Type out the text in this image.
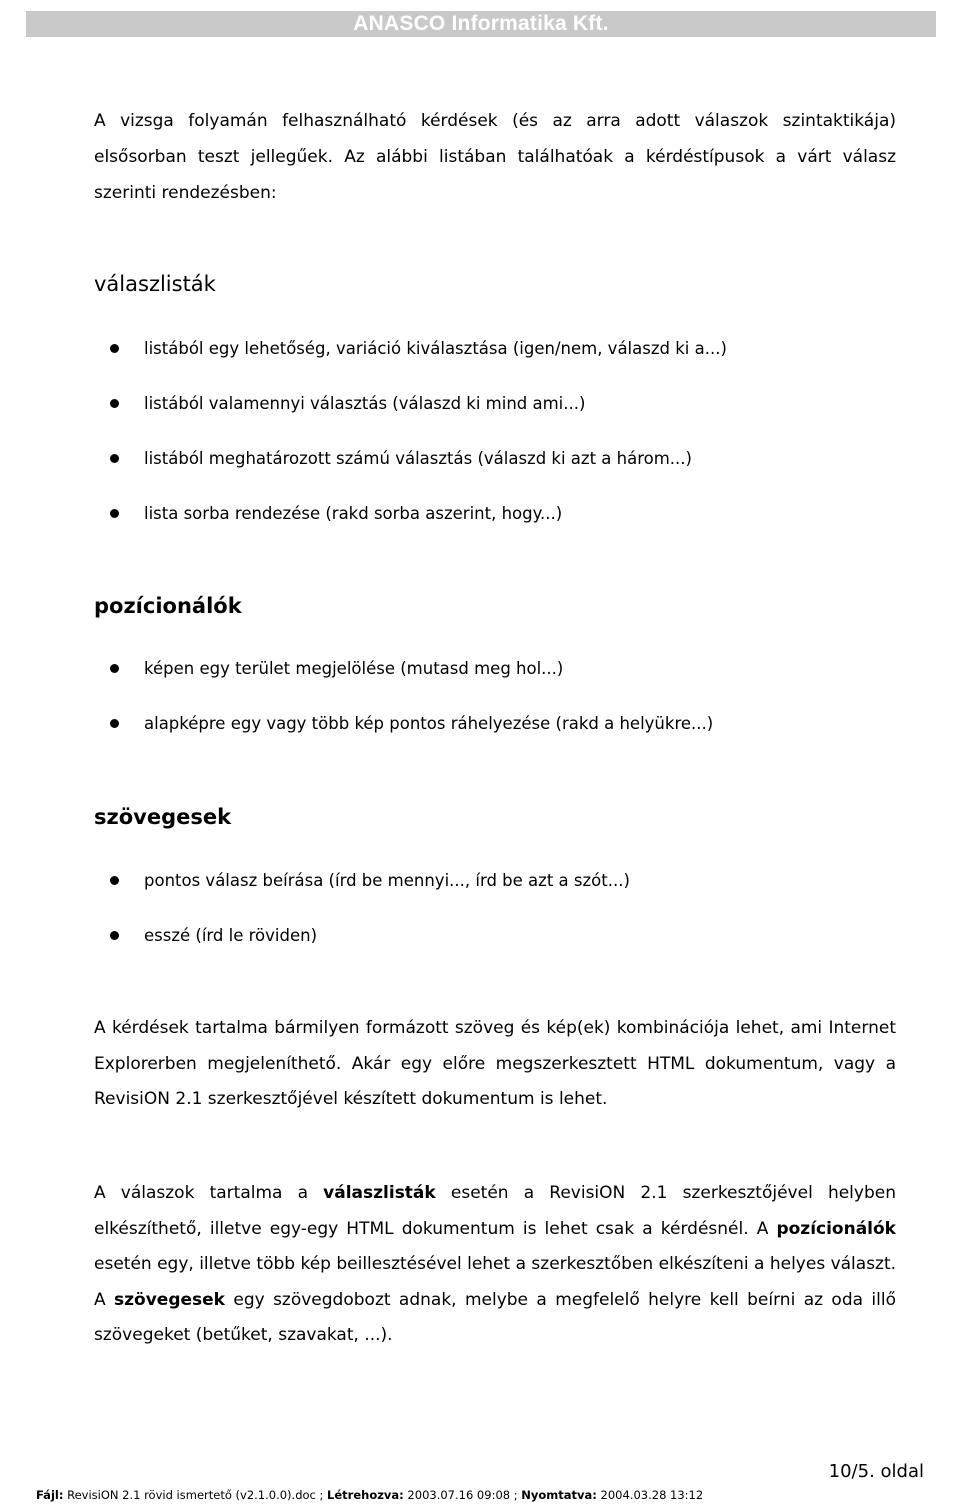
ANASCO Informatika Kft.
A vizsga folyamán felhasználható kérdések (és az arra adott válaszok szintaktikája)
elsősorban teszt jellegűek. Az alábbi listában találhatóak a kérdéstípusok a várt válasz
szerinti rendezésben:
válaszlisták
listából egy lehetőség, variáció kiválasztása (igen/nem, válaszd ki a...)
listából valamennyi választás (válaszd ki mind ami...)
listából meghatározott számú választás (válaszd ki azt a három...)
lista sorba rendezése (rakd sorba aszerint, hogy...)
pozícionálók
képen egy terület megjelölése (mutasd meg hol...)
alapképre egy vagy több kép pontos ráhelyezése (rakd a helyükre...)
szövegesek
pontos válasz beírása (írd be mennyi..., írd be azt a szót...)
esszé (írd le röviden)
A kérdések tartalma bármilyen formázott szöveg és kép(ek) kombinációja lehet, ami Internet
Explorerben megjeleníthető. Akár egy előre megszerkesztett HTML dokumentum, vagy a
RevisiON 2.1 szerkesztőjével készített dokumentum is lehet.
A válaszok tartalma a válaszlisták esetén a RevisiON 2.1 szerkesztőjével helyben
elkészíthető, illetve egy-egy HTML dokumentum is lehet csak a kérdésnél. A pozícionálók
esetén egy, illetve több kép beillesztésével lehet a szerkesztőben elkészíteni a helyes választ.
A szövegesek egy szövegdobozt adnak, melybe a megfelelő helyre kell beírni az oda illő
szövegeket (betűket, szavakat, ...).
10/5. oldal
Fájl: RevisiON 2.1 rövid ismertető (v2.1.0.0).doc ; Létrehozva: 2003.07.16 09:08 ; Nyomtatva: 2004.03.28 13:12
